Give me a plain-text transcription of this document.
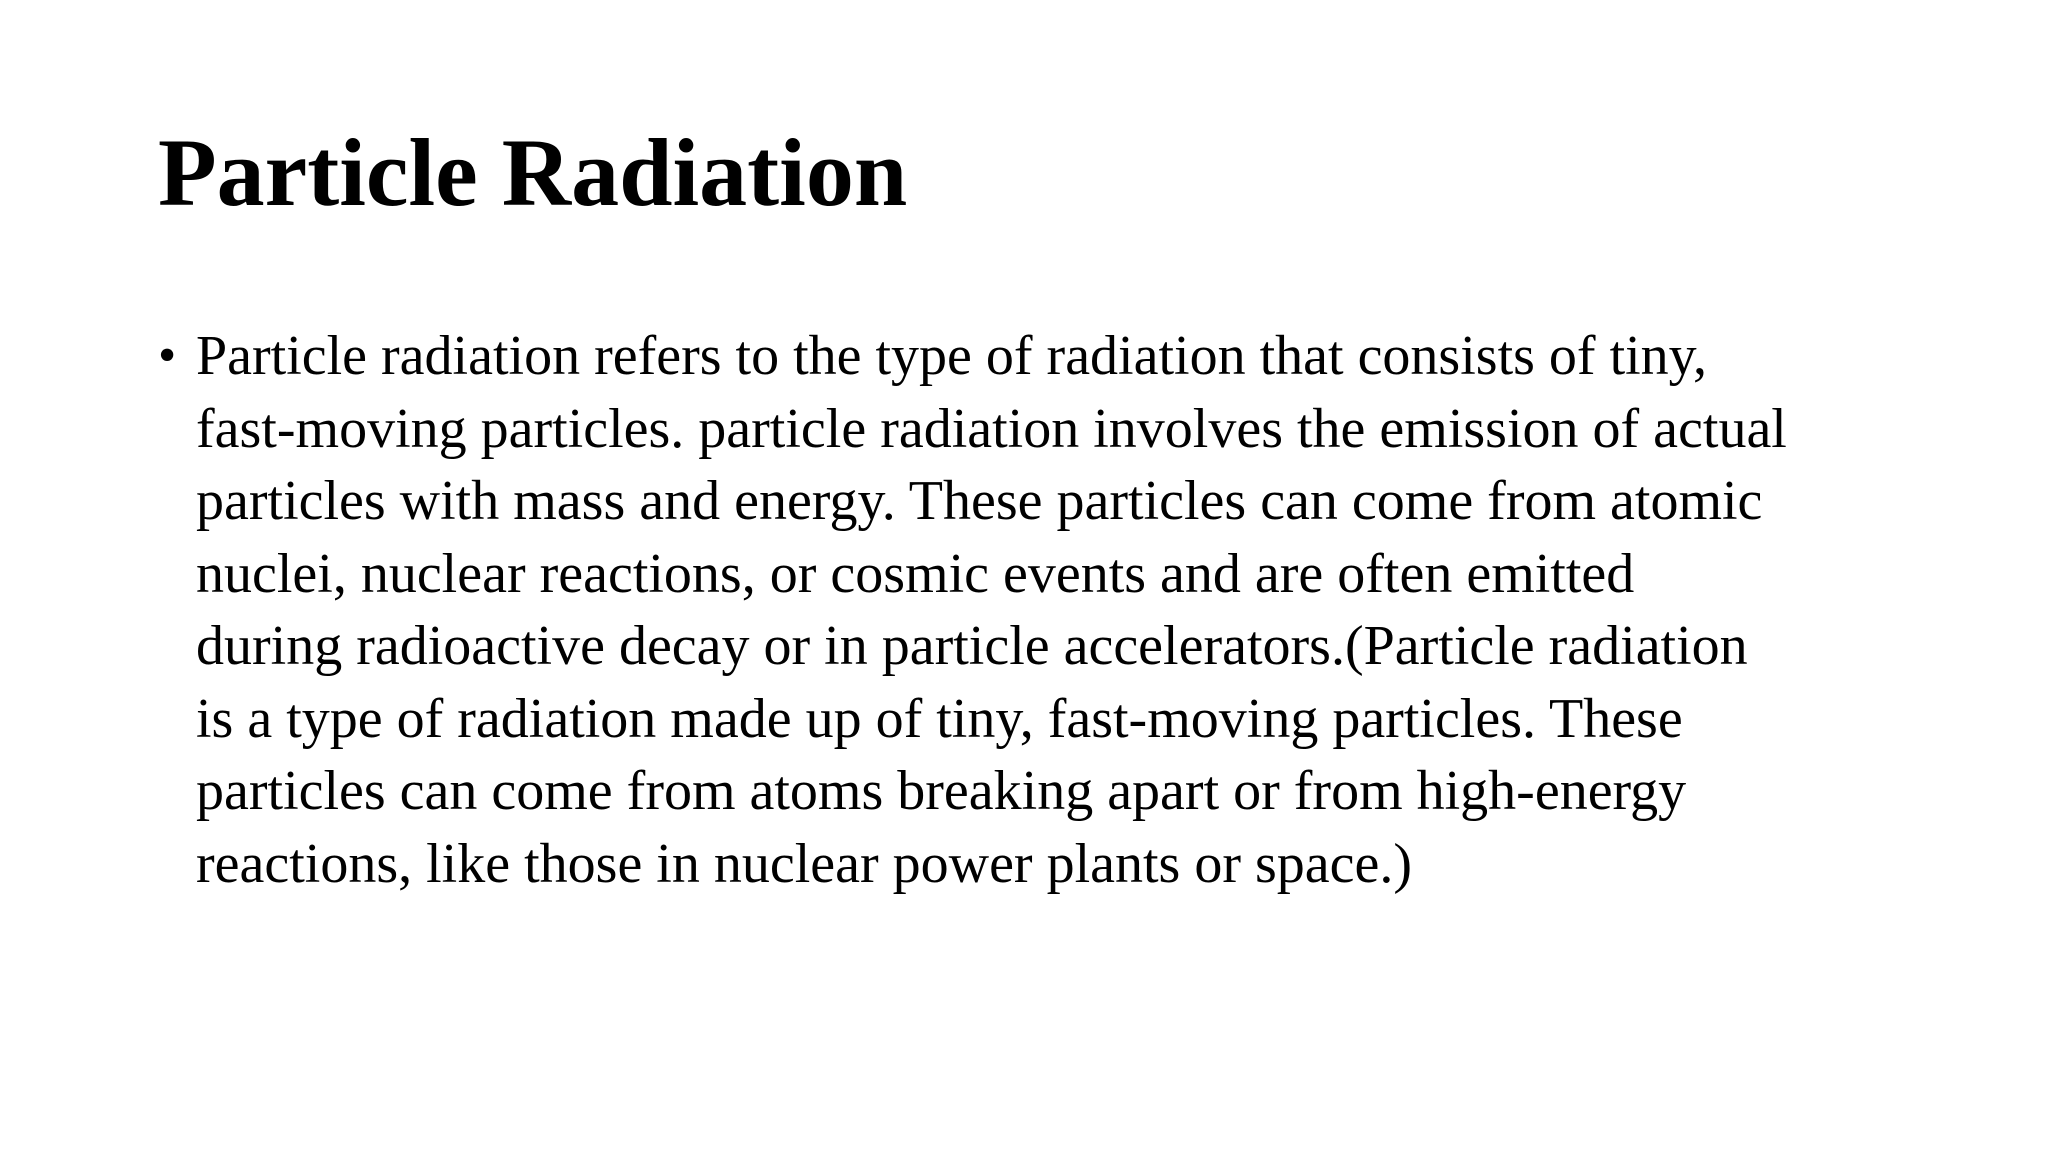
Particle Radiation
• Particle radiation refers to the type of radiation that consists of tiny,
fast-moving particles. particle radiation involves the emission of actual
particles with mass and energy. These particles can come from atomic
nuclei, nuclear reactions, or cosmic events and are often emitted
during radioactive decay or in particle accelerators.(Particle radiation
is a type of radiation made up of tiny, fast-moving particles. These
particles can come from atoms breaking apart or from high-energy
reactions, like those in nuclear power plants or space.)
